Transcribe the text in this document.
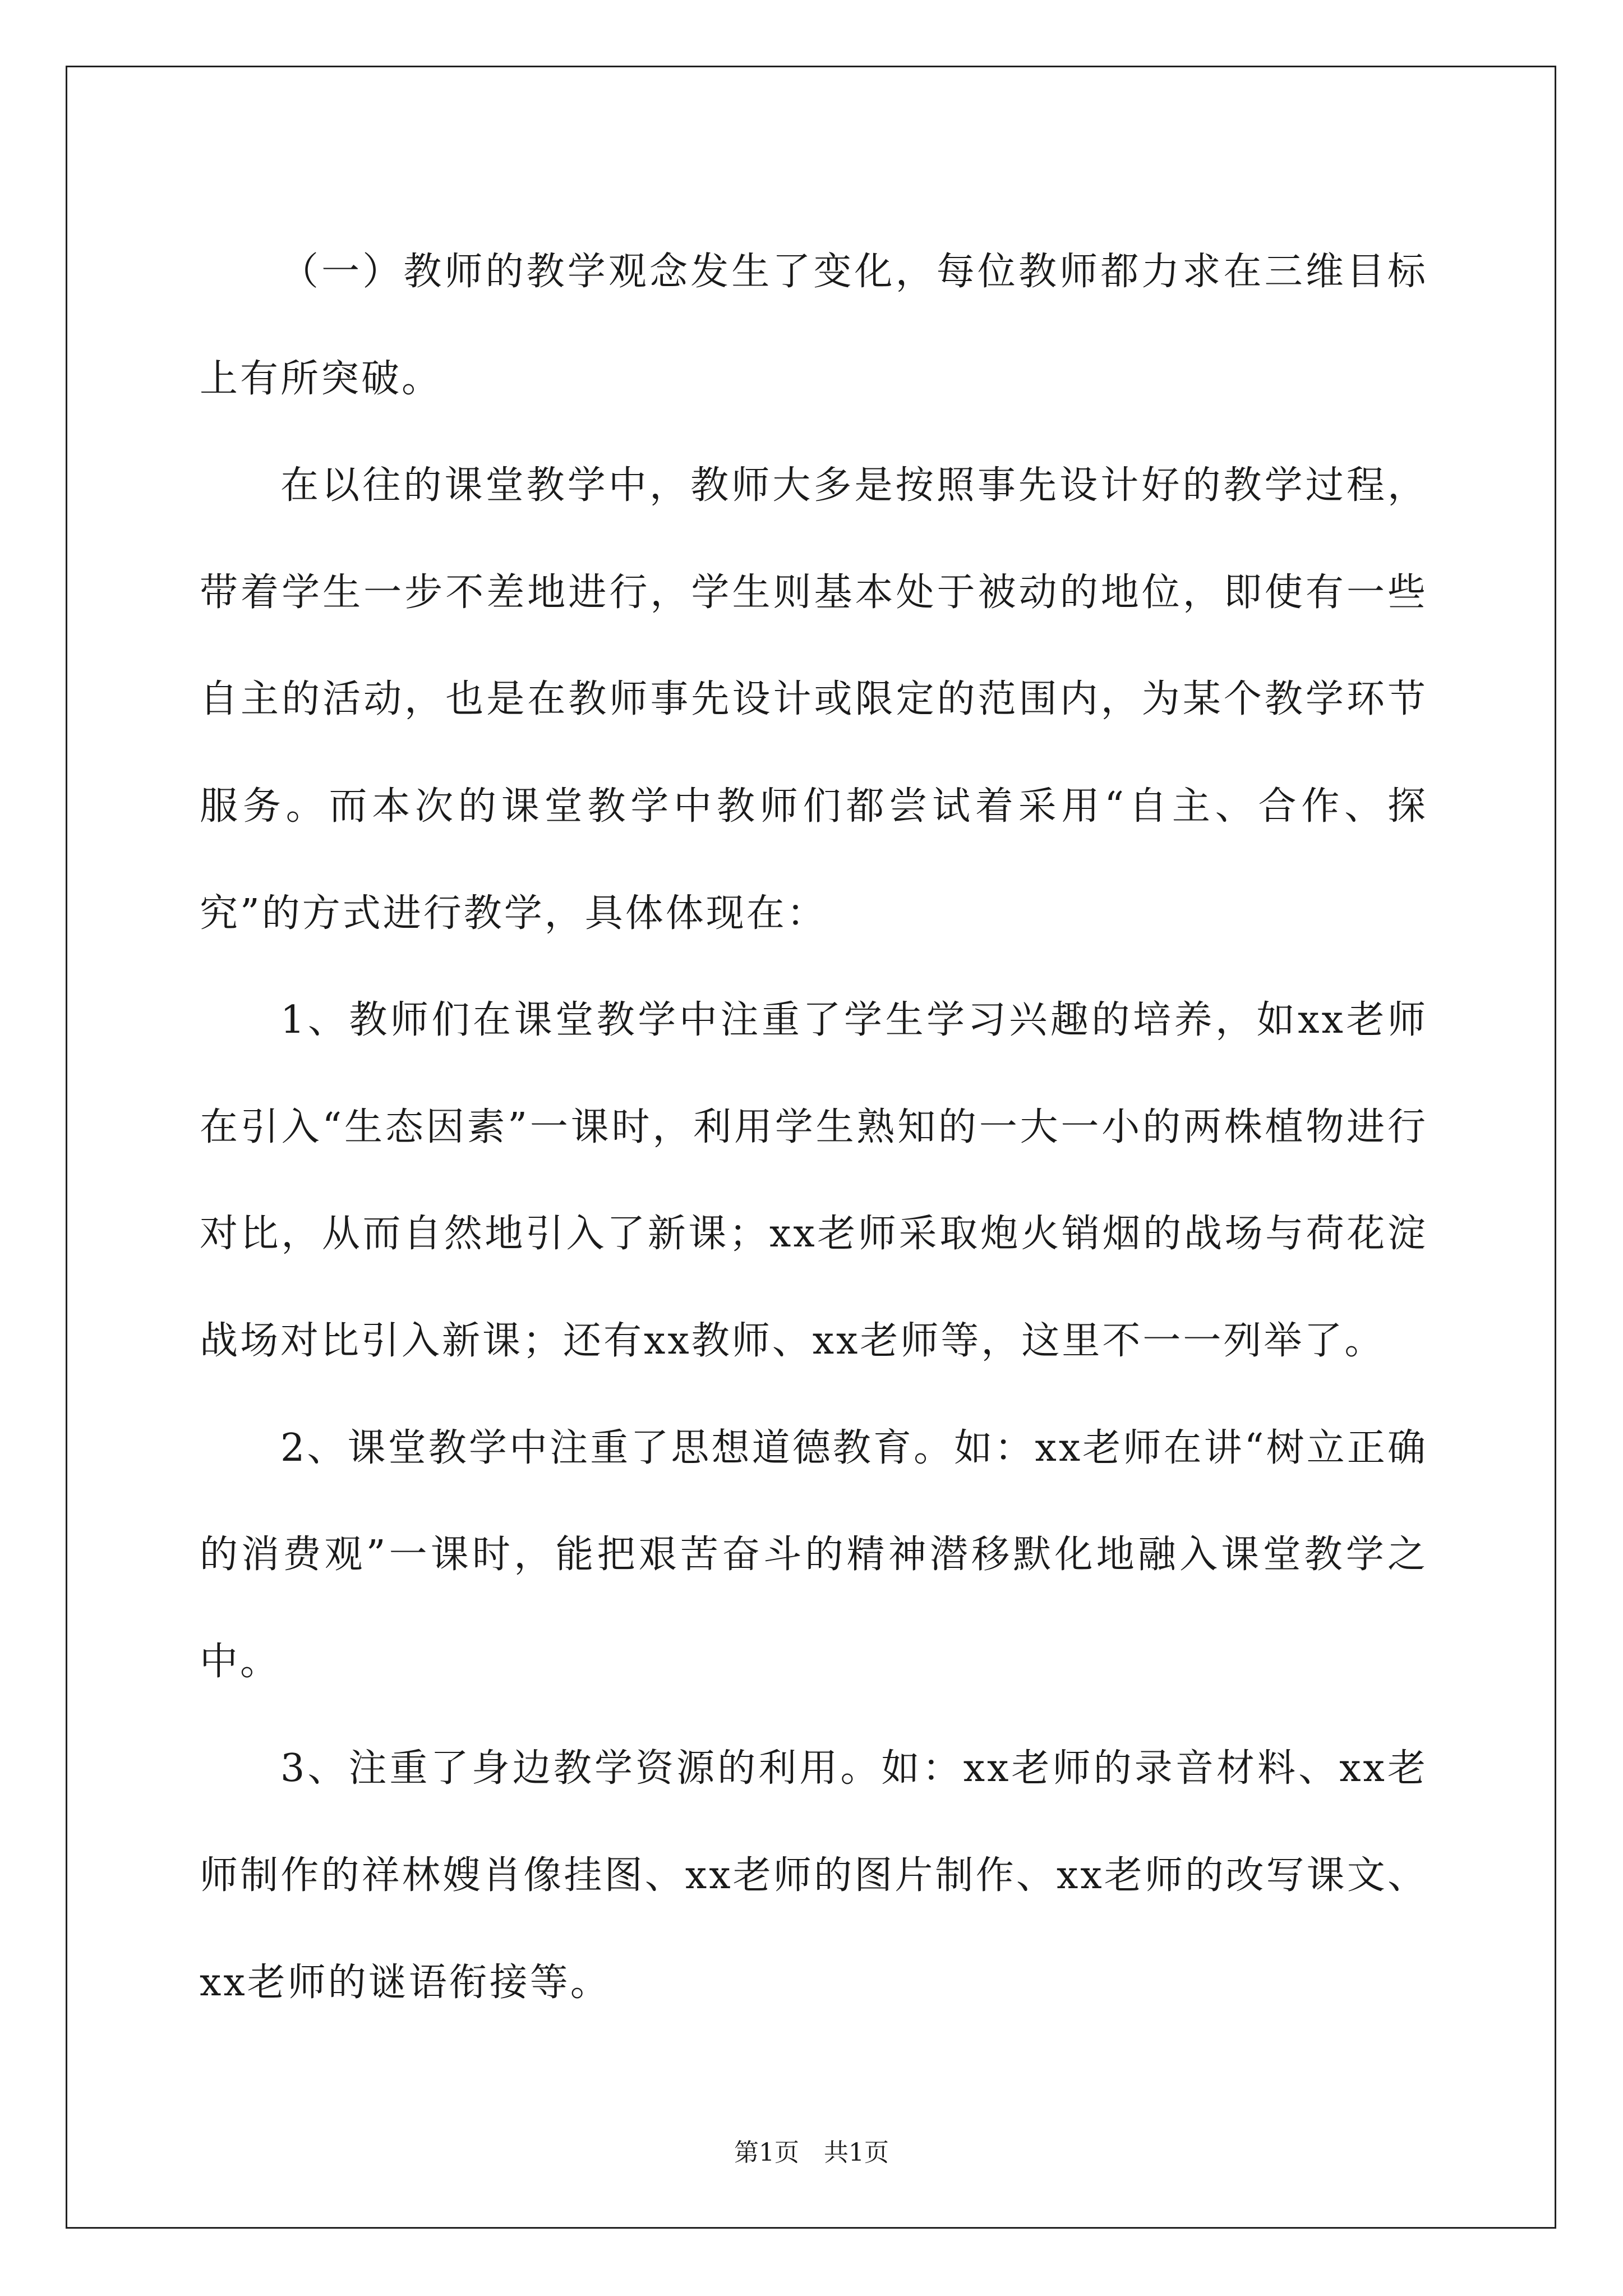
（一）教师的教学观念发生了变化，每位教师都力求在三维目标上有所突破。

在以往的课堂教学中，教师大多是按照事先设计好的教学过程，带着学生一步不差地进行，学生则基本处于被动的地位，即使有一些自主的活动，也是在教师事先设计或限定的范围内，为某个教学环节服务。而本次的课堂教学中教师们都尝试着采用“自主、合作、探究”的方式进行教学，具体体现在：

1、教师们在课堂教学中注重了学生学习兴趣的培养，如xx老师在引入“生态因素”一课时，利用学生熟知的一大一小的两株植物进行对比，从而自然地引入了新课；xx老师采取炮火销烟的战场与荷花淀战场对比引入新课；还有xx教师、xx老师等，这里不一一列举了。

2、课堂教学中注重了思想道德教育。如：xx老师在讲“树立正确的消费观”一课时，能把艰苦奋斗的精神潜移默化地融入课堂教学之中。

3、注重了身边教学资源的利用。如：xx老师的录音材料、xx老师制作的祥林嫂肖像挂图、xx老师的图片制作、xx老师的改写课文、xx老师的谜语衔接等。

第1页 共1页
